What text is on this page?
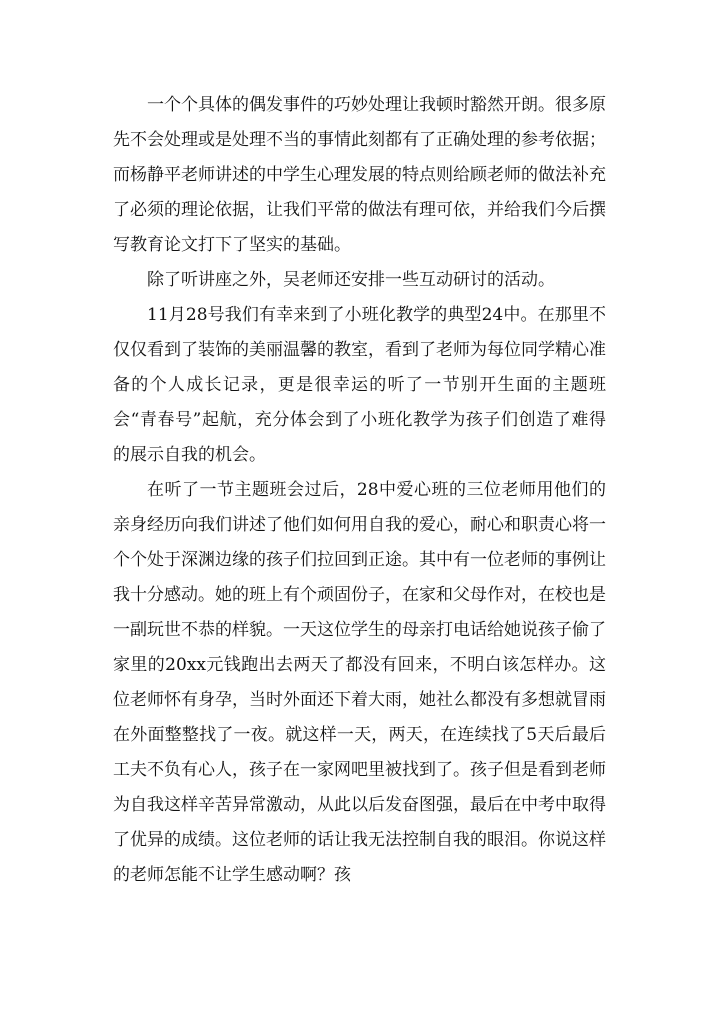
一个个具体的偶发事件的巧妙处理让我顿时豁然开朗。很多原先不会处理或是处理不当的事情此刻都有了正确处理的参考依据；而杨静平老师讲述的中学生心理发展的特点则给顾老师的做法补充了必须的理论依据，让我们平常的做法有理可依，并给我们今后撰写教育论文打下了坚实的基础。

除了听讲座之外，吴老师还安排一些互动研讨的活动。

11月28号我们有幸来到了小班化教学的典型24中。在那里不仅仅看到了装饰的美丽温馨的教室，看到了老师为每位同学精心准备的个人成长记录，更是很幸运的听了一节别开生面的主题班会“青春号”起航，充分体会到了小班化教学为孩子们创造了难得的展示自我的机会。

在听了一节主题班会过后，28中爱心班的三位老师用他们的亲身经历向我们讲述了他们如何用自我的爱心，耐心和职责心将一个个处于深渊边缘的孩子们拉回到正途。其中有一位老师的事例让我十分感动。她的班上有个顽固份子，在家和父母作对，在校也是一副玩世不恭的样貌。一天这位学生的母亲打电话给她说孩子偷了家里的20xx元钱跑出去两天了都没有回来，不明白该怎样办。这位老师怀有身孕，当时外面还下着大雨，她社么都没有多想就冒雨在外面整整找了一夜。就这样一天，两天，在连续找了5天后最后工夫不负有心人，孩子在一家网吧里被找到了。孩子但是看到老师为自我这样辛苦异常激动，从此以后发奋图强，最后在中考中取得了优异的成绩。这位老师的话让我无法控制自我的眼泪。你说这样的老师怎能不让学生感动啊？孩
